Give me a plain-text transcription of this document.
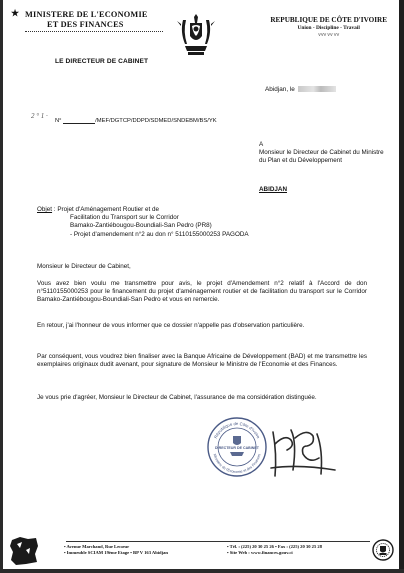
★ MINISTERE DE L'ECONOMIE
ET DES FINANCES	REPUBLIQUE DE CÔTE D'IVOIRE
Union - Discipline - Travail
ⱯⱯⱯ ⱯⱯ ⱯⱯ
LE DIRECTEUR DE CABINET
Abidjan, le
2 ° 1 ·
N°	/MEF/DGTCP/DDPD/SDMED/SNDEBM/BS/YK
A
Monsieur le Directeur de Cabinet du Ministre du Plan et du Développement
ABIDJAN
Objet : Projet d'Aménagement Routier et de
Facilitation du Transport sur le Corridor
Bamako-Zantiébougou-Boundiali-San Pedro (PR8)
- Projet d'amendement n°2 au don n° 5110155000253 PAGODA
Monsieur le Directeur de Cabinet,
Vous avez bien voulu me transmettre pour avis, le projet d'Amendement n°2 relatif à l'Accord de don n°5110155000253 pour le financement du projet d'aménagement routier et de facilitation du transport sur le Corridor Bamako-Zantiébougou-Boundiali-San Pedro et vous en remercie.
En retour, j'ai l'honneur de vous informer que ce dossier n'appelle pas d'observation particulière.
Par conséquent, vous voudrez bien finaliser avec la Banque Africaine de Développement (BAD) et me transmettre les exemplaires originaux dudit avenant, pour signature de Monsieur le Ministre de l'Economie et des Finances.
Je vous prie d'agréer, Monsieur le Directeur de Cabinet, l'assurance de ma considération distinguée.
République de Côte d'Ivoire
Ministère de l'Économie et des Finances
DIRECTEUR DE CABINET
• Avenue Marchand, Rue Lecœur
• Immeuble SCIAM 19ème Etage • BP V 163 Abidjan
• Tél. : (225) 20 30 25 26 • Fax : (225) 20 30 25 28
• Site Web : www.finances.gouv.ci
